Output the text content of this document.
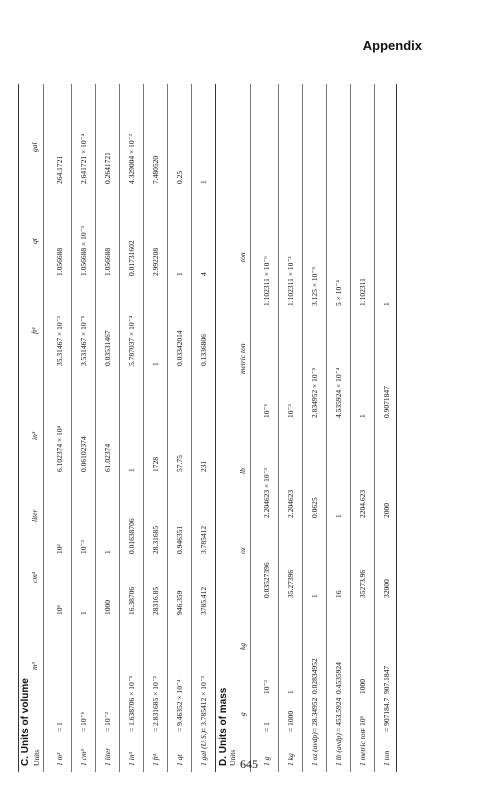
Appendix
C. Units of volume	D. Units of mass
Units
m³
cm³
liter
in³
ft³
qt
gal
1 m³
= 1
10⁶
10³
6.102374 × 10⁴
35.31467 × 10⁻³
1.056688
264.1721
1 cm³
= 10⁻⁶
1
10⁻³
0.06102374
3.531467 × 10⁻⁵
1.056688 × 10⁻³
2.641721 × 10⁻⁴
1 liter
= 10⁻³
1000
1
61.02374
0.03531467
1.056688
0.2641721
1 in³
= 1.638706 × 10⁻⁵
16.38706
0.01638706
1
5.787037 × 10⁻⁴
0.01731602
4.329004 × 10⁻³
1 ft³
= 2.831685 × 10⁻²
28316.85
28.31685
1728
1
2.992208
7.480520
1 qt
= 9.46352 × 10⁻⁴
946.359
0.946351
57.75
0.03342014
1
0.25
1 gal (U.S.)
= 3.785412 × 10⁻³
3785.412
3.785412
231
0.1336806
4
1
Units
g
kg
oz
lb
metric ton
ton
1 g
= 1
10⁻³
0.03527396
2.204623 × 10⁻³
10⁻⁶
1.102311 × 10⁻⁶
1 kg
= 1000
1
35.27396
2.204623
10⁻³
1.102311 × 10⁻³
1 oz (avdp)
= 28.34952
0.02834952
1
0.0625
2.834952 × 10⁻⁵
3.125 × 10⁻⁵
1 lb (avdp)
= 453.5924
0.4535924
16
1
4.535924 × 10⁻⁴
5 × 10⁻⁴
1 metric ton
= 10⁶
1000
35273.96
2204.623
1
1.102311
1 ton
= 907184.7
907.1847
32000
2000
0.9071847
1
645
